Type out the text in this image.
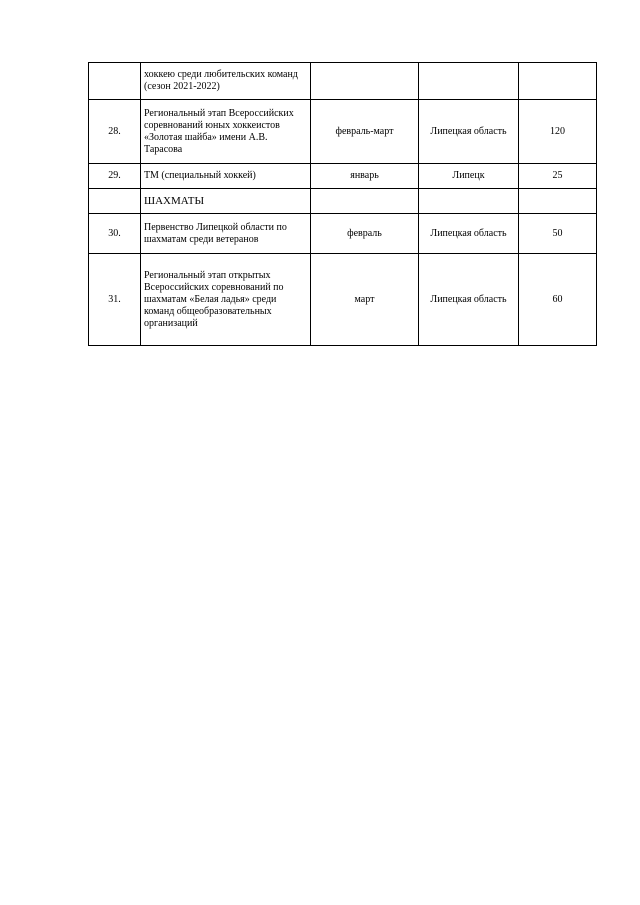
	хоккею среди любительских команд (сезон 2021-2022)			
28.	Региональный этап Всероссийских соревнований юных хоккеистов «Золотая шайба» имени А.В. Тарасова	февраль-март	Липецкая область	120
29.	ТМ (специальный хоккей)	январь	Липецк	25
	ШАХМАТЫ			
30.	Первенство Липецкой области по шахматам среди ветеранов	февраль	Липецкая область	50
31.	Региональный этап открытых Всероссийских соревнований по шахматам «Белая ладья» среди команд общеобразовательных организаций	март	Липецкая область	60
